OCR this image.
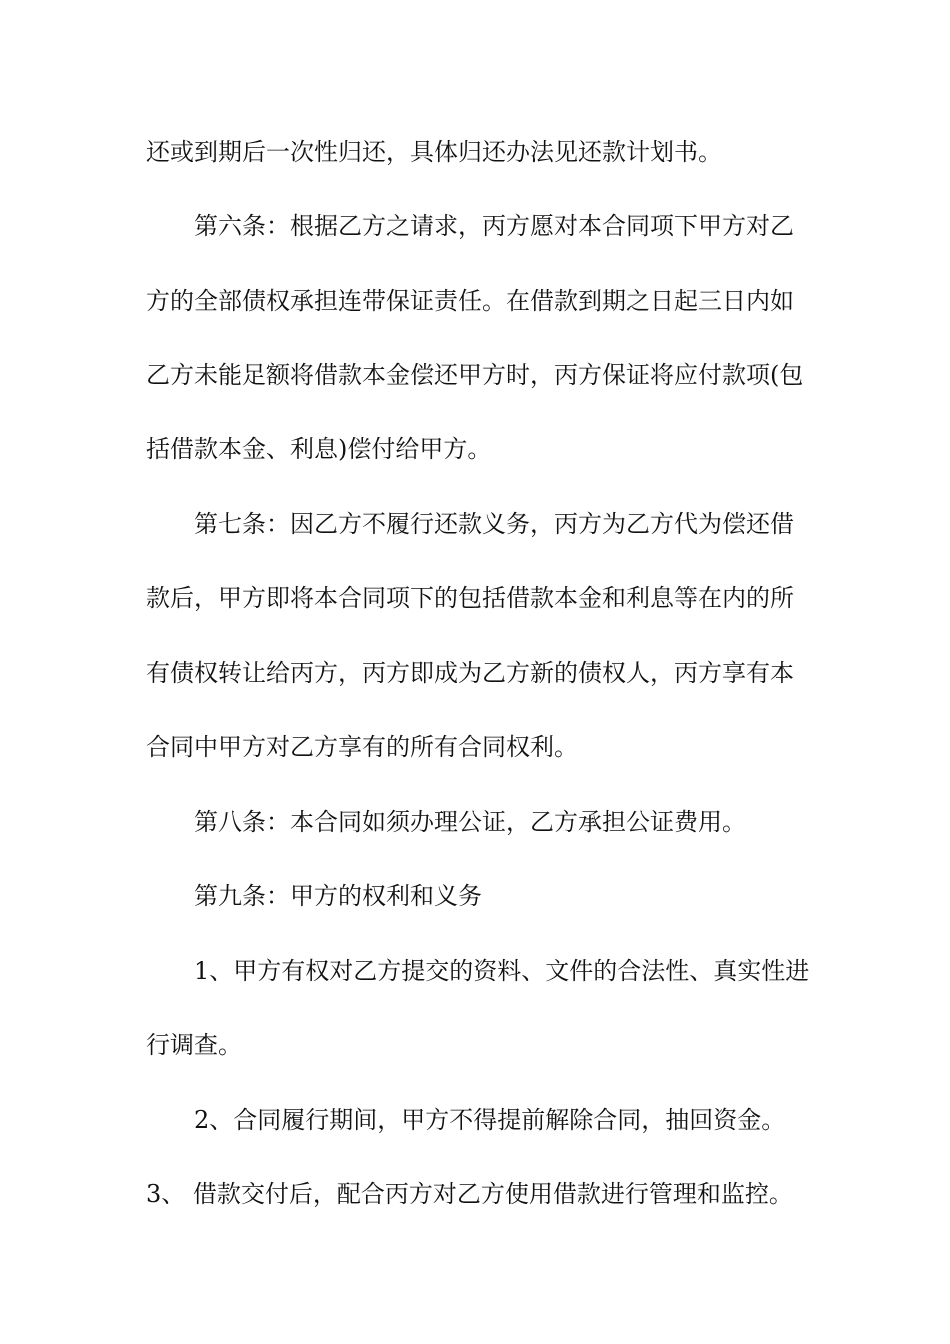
还或到期后一次性归还，具体归还办法见还款计划书。
第六条：根据乙方之请求，丙方愿对本合同项下甲方对乙
方的全部债权承担连带保证责任。在借款到期之日起三日内如
乙方未能足额将借款本金偿还甲方时，丙方保证将应付款项(包
括借款本金、利息)偿付给甲方。
第七条：因乙方不履行还款义务，丙方为乙方代为偿还借
款后，甲方即将本合同项下的包括借款本金和利息等在内的所
有债权转让给丙方，丙方即成为乙方新的债权人，丙方享有本
合同中甲方对乙方享有的所有合同权利。
第八条：本合同如须办理公证，乙方承担公证费用。
第九条：甲方的权利和义务
1、甲方有权对乙方提交的资料、文件的合法性、真实性进
行调查。
2、合同履行期间，甲方不得提前解除合同，抽回资金。
3、 借款交付后，配合丙方对乙方使用借款进行管理和监控。
